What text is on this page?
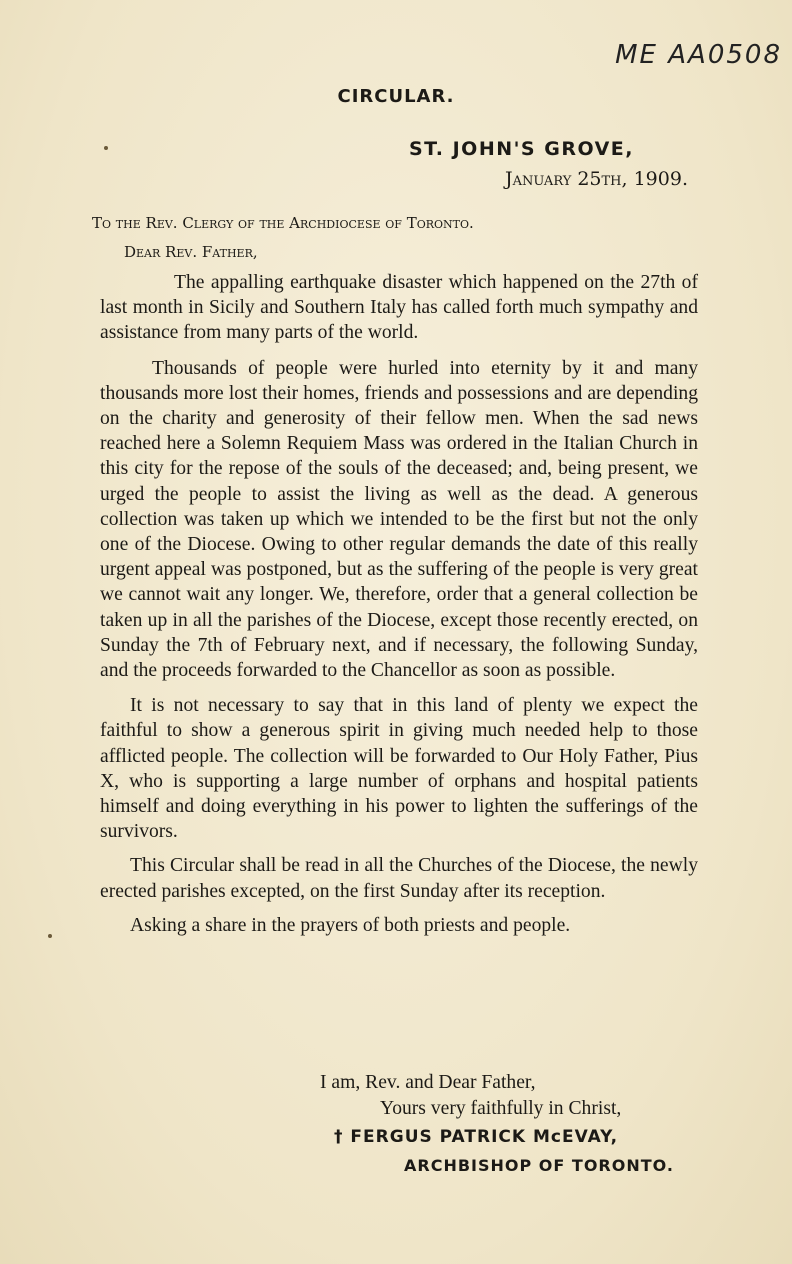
ME AA0508
CIRCULAR.
ST. JOHN'S GROVE,
January 25th, 1909.
To the Rev. Clergy of the Archdiocese of Toronto.
Dear Rev. Father,

The appalling earthquake disaster which happened on the 27th of last month in Sicily and Southern Italy has called forth much sympathy and assistance from many parts of the world.

Thousands of people were hurled into eternity by it and many thousands more lost their homes, friends and possessions and are depending on the charity and generosity of their fellow men. When the sad news reached here a Solemn Requiem Mass was ordered in the Italian Church in this city for the repose of the souls of the deceased; and, being present, we urged the people to assist the living as well as the dead. A generous collection was taken up which we intended to be the first but not the only one of the Diocese. Owing to other regular demands the date of this really urgent appeal was postponed, but as the suffering of the people is very great we cannot wait any longer. We, therefore, order that a general collection be taken up in all the parishes of the Diocese, except those recently erected, on Sunday the 7th of February next, and if necessary, the following Sunday, and the proceeds forwarded to the Chancellor as soon as possible.

It is not necessary to say that in this land of plenty we expect the faithful to show a generous spirit in giving much needed help to those afflicted people. The collection will be forwarded to Our Holy Father, Pius X, who is supporting a large number of orphans and hospital patients himself and doing everything in his power to lighten the sufferings of the survivors.

This Circular shall be read in all the Churches of the Diocese, the newly erected parishes excepted, on the first Sunday after its reception.

Asking a share in the prayers of both priests and people.

I am, Rev. and Dear Father,
Yours very faithfully in Christ,
† FERGUS PATRICK McEVAY,
ARCHBISHOP OF TORONTO.
